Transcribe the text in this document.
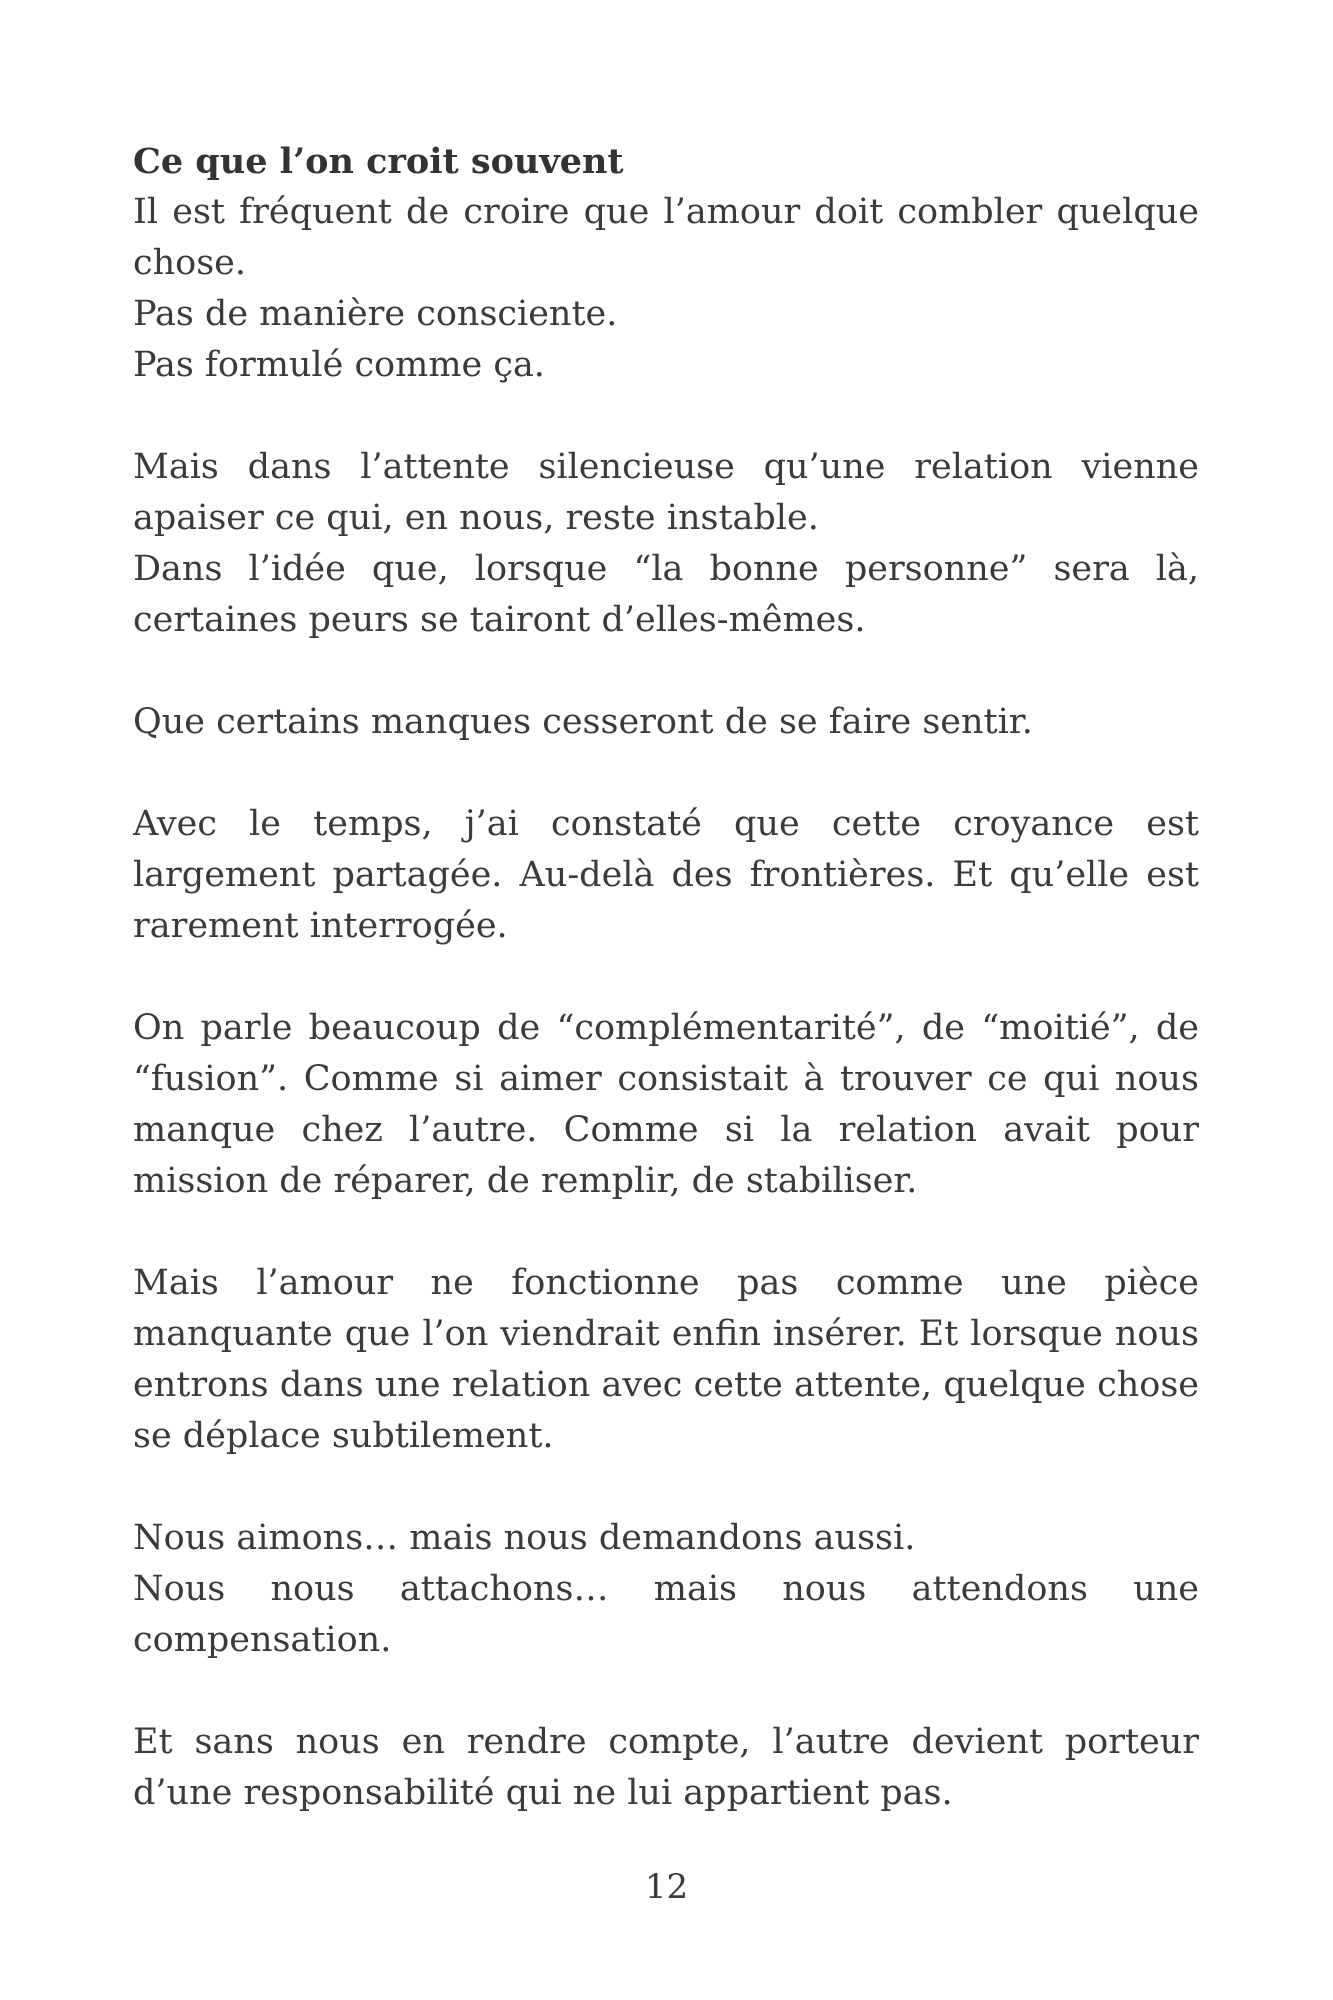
Ce que l’on croit souvent

Il est fréquent de croire que l’amour doit combler quelque chose.

Pas de manière consciente.

Pas formulé comme ça.

Mais dans l’attente silencieuse qu’une relation vienne apaiser ce qui, en nous, reste instable.

Dans l’idée que, lorsque “la bonne personne” sera là, certaines peurs se tairont d’elles-mêmes.

Que certains manques cesseront de se faire sentir.

Avec le temps, j’ai constaté que cette croyance est largement partagée. Au-delà des frontières. Et qu’elle est rarement interrogée.

On parle beaucoup de “complémentarité”, de “moitié”, de “fusion”. Comme si aimer consistait à trouver ce qui nous manque chez l’autre. Comme si la relation avait pour mission de réparer, de remplir, de stabiliser.

Mais l’amour ne fonctionne pas comme une pièce manquante que l’on viendrait enfin insérer. Et lorsque nous entrons dans une relation avec cette attente, quelque chose se déplace subtilement.

Nous aimons… mais nous demandons aussi.

Nous nous attachons… mais nous attendons une compensation.

Et sans nous en rendre compte, l’autre devient porteur d’une responsabilité qui ne lui appartient pas.

12
